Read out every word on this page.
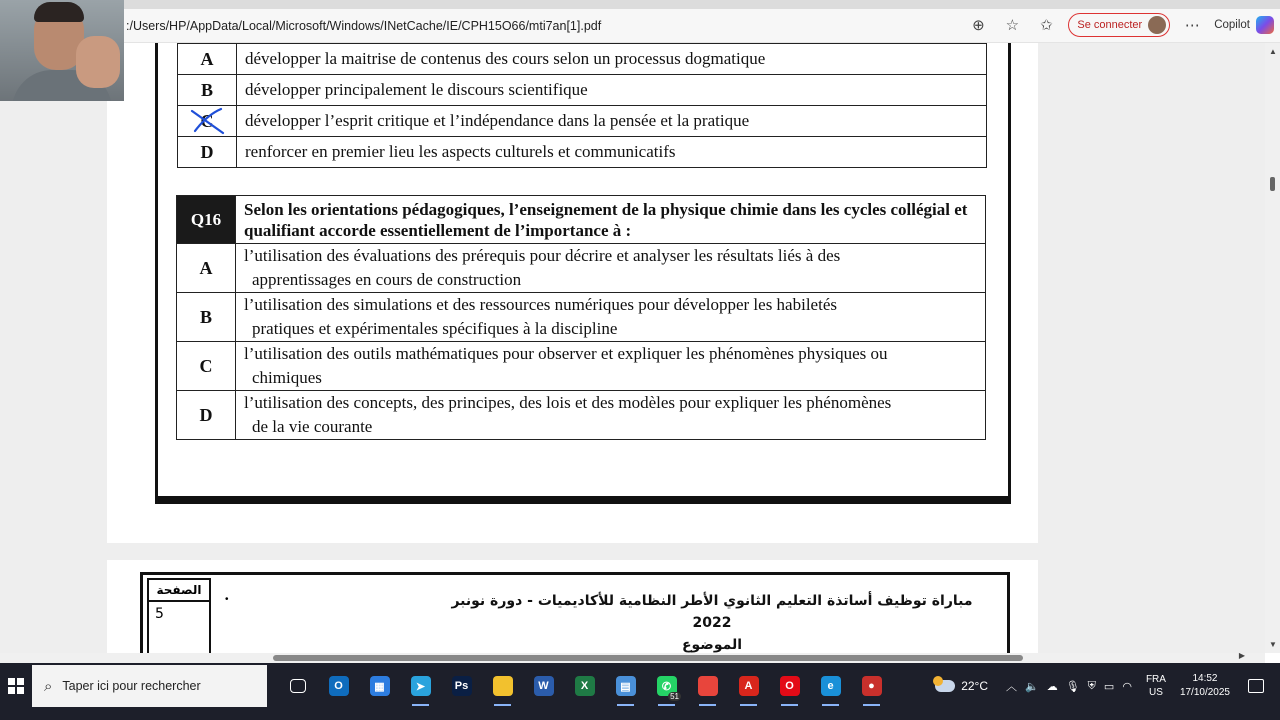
:/Users/HP/AppData/Local/Microsoft/Windows/INetCache/IE/CPH15O66/mti7an[1].pdf	⊕	☆	✩	Se connecter	⋯	Copilot
A	développer la maitrise de contenus des cours selon un processus dogmatique
B	développer principalement le discours scientifique
C	développer l’esprit critique et l’indépendance dans la pensée et la pratique
D	renforcer en premier lieu les aspects culturels et communicatifs
Q16	Selon les orientations pédagogiques, l’enseignement de la physique chimie dans les cycles collégial et qualifiant accorde essentiellement de l’importance à :
A	l’utilisation des évaluations des prérequis pour décrire et analyser les résultats liés à des
apprentissages en cours de construction

B	l’utilisation des simulations et des ressources numériques pour développer les habiletés
pratiques et expérimentales spécifiques à la discipline

C	l’utilisation des outils mathématiques pour observer et expliquer les phénomènes physiques ou
chimiques

D	l’utilisation des concepts, des principes, des lois et des modèles pour expliquer les phénomènes
de la vie courante
الصفحة
5
•	مباراة توظيف أساتذة التعليم الثانوي الأطر النظامية للأكاديميات - دورة نونبر 2022
الموضوع
▲
▼
▶
⌕ Taper ici pour rechercher	O	▦	➤	Ps	W	X	▤	✆
51
A	O	e	●	22°C ︿ 🔈 ☁ 🎙 ⛨ ▭ ◠
FRA
US
14:52
17/10/2025
